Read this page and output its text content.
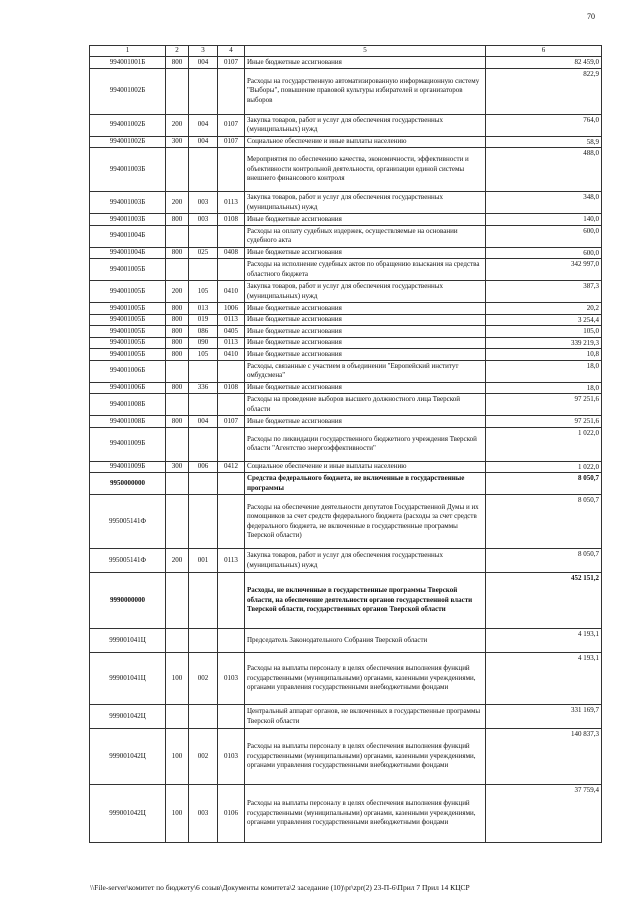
70
1	2	3	4	5	6
994001001Б	800	004	0107	Иные бюджетные ассигнования	82 459,0
994001002Б				Расходы на государственную автоматизированную информационную систему "Выборы", повышение правовой культуры избирателей и организаторов выборов	822,9
994001002Б	200	004	0107	Закупка товаров, работ и услуг для обеспечения государственных (муниципальных) нужд	764,0
994001002Б	300	004	0107	Социальное обеспечение и иные выплаты населению	58,9
994001003Б				Мероприятия по обеспечению качества, экономичности, эффективности и объективности контрольной деятельности, организации единой системы внешнего финансового контроля	488,0
994001003Б	200	003	0113	Закупка товаров, работ и услуг для обеспечения государственных (муниципальных) нужд	348,0
994001003Б	800	003	0108	Иные бюджетные ассигнования	140,0
994001004Б				Расходы на оплату судебных издержек, осуществляемые на основании судебного акта	600,0
994001004Б	800	025	0408	Иные бюджетные ассигнования	600,0
994001005Б				Расходы на исполнение судебных актов по обращению взыскания на средства областного бюджета	342 997,0
994001005Б	200	105	0410	Закупка товаров, работ и услуг для обеспечения государственных (муниципальных) нужд	387,3
994001005Б	800	013	1006	Иные бюджетные ассигнования	20,2
994001005Б	800	019	0113	Иные бюджетные ассигнования	3 254,4
994001005Б	800	086	0405	Иные бюджетные ассигнования	105,0
994001005Б	800	090	0113	Иные бюджетные ассигнования	339 219,3
994001005Б	800	105	0410	Иные бюджетные ассигнования	10,8
994001006Б				Расходы, связанные с участием в объединении "Европейский институт омбудсмена"	18,0
994001006Б	800	336	0108	Иные бюджетные ассигнования	18,0
994001008Б				Расходы на проведение выборов высшего должностного лица Тверской области	97 251,6
994001008Б	800	004	0107	Иные бюджетные ассигнования	97 251,6
994001009Б				Расходы по ликвидации государственного бюджетного учреждения Тверской области "Агентство энергоэффективности"	1 022,0
994001009Б	300	006	0412	Социальное обеспечение и иные выплаты населению	1 022,0
9950000000				Средства федерального бюджета, не включенные в государственные программы	8 050,7
995005141Ф				Расходы на обеспечение деятельности депутатов Государственной Думы и их помощников за счет средств федерального бюджета (расходы за счет средств федерального бюджета, не включенные в государственные программы Тверской области)	8 050,7
995005141Ф	200	001	0113	Закупка товаров, работ и услуг для обеспечения государственных (муниципальных) нужд	8 050,7
9990000000				Расходы, не включенные в государственные программы Тверской области, на обеспечение деятельности органов государственной власти Тверской области, государственных органов Тверской области	452 151,2
999001041Ц				Председатель Законодательного Собрания Тверской области	4 193,1
999001041Ц	100	002	0103	Расходы на выплаты персоналу в целях обеспечения выполнения функций государственными (муниципальными) органами, казенными учреждениями, органами управления государственными внебюджетными фондами	4 193,1
999001042Ц				Центральный аппарат органов, не включенных в государственные программы Тверской области	331 169,7
999001042Ц	100	002	0103	Расходы на выплаты персоналу в целях обеспечения выполнения функций государственными (муниципальными) органами, казенными учреждениями, органами управления государственными внебюджетными фондами	140 837,3
999001042Ц	100	003	0106	Расходы на выплаты персоналу в целях обеспечения выполнения функций государственными (муниципальными) органами, казенными учреждениями, органами управления государственными внебюджетными фондами	37 759,4
\\File-server\комитет по бюджету\6 созыв\Документы комитета\2 заседание (10)\pr\zpr(2) 23-П-6\Прил 7 Прил 14 КЦСР
